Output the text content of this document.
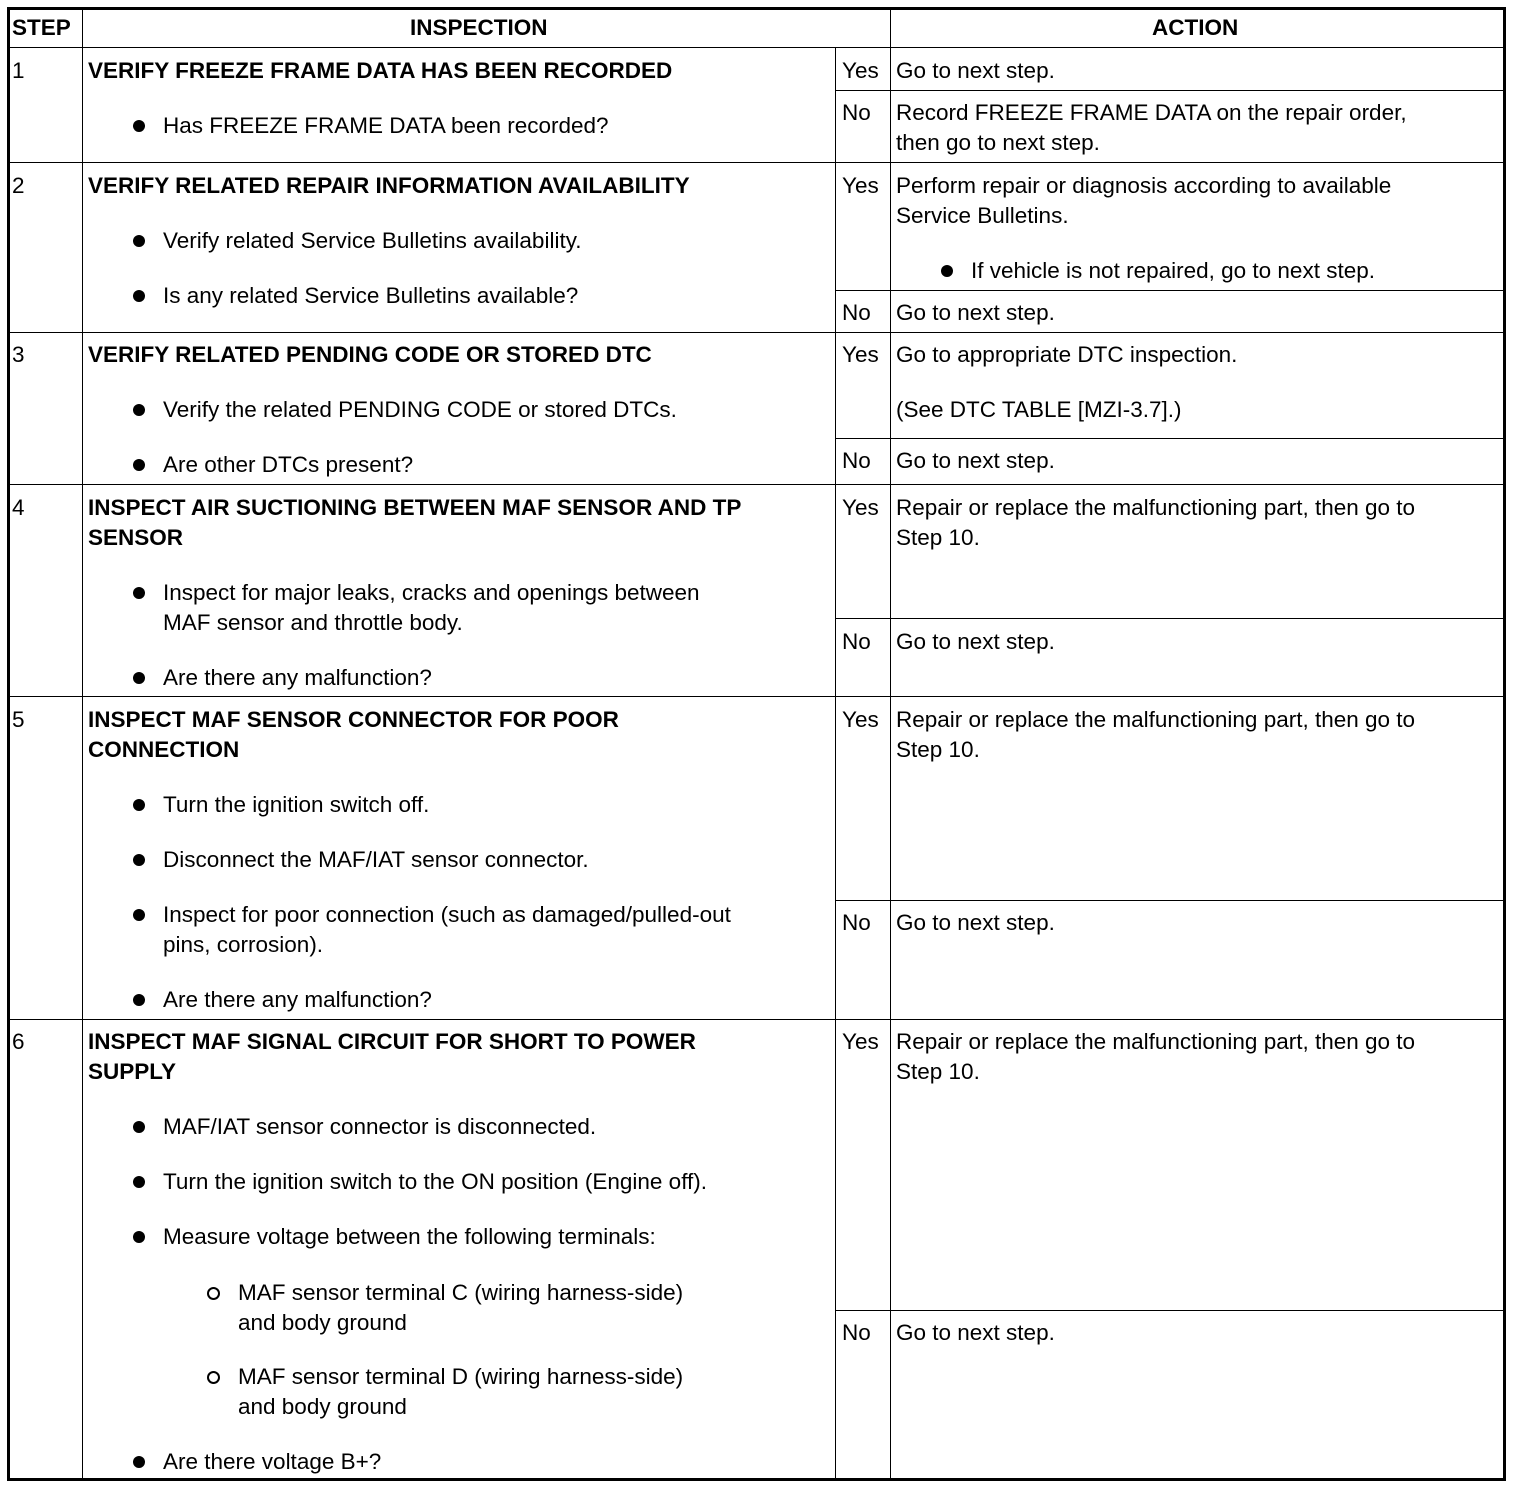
STEP	INSPECTION	ACTION
1	VERIFY FREEZE FRAME DATA HAS BEEN RECORDED
Has FREEZE FRAME DATA been recorded?
Yes Go to next step.
No Record FREEZE FRAME DATA on the repair order,
then go to next step.
2	VERIFY RELATED REPAIR INFORMATION AVAILABILITY
Verify related Service Bulletins availability.
Is any related Service Bulletins available?
Yes Perform repair or diagnosis according to available
Service Bulletins.
If vehicle is not repaired, go to next step.
No Go to next step.
3	VERIFY RELATED PENDING CODE OR STORED DTC
Verify the related PENDING CODE or stored DTCs.
Are other DTCs present?
Yes Go to appropriate DTC inspection.
(See DTC TABLE [MZI-3.7].)
No Go to next step.
4	INSPECT AIR SUCTIONING BETWEEN MAF SENSOR AND TP
SENSOR
Inspect for major leaks, cracks and openings between
MAF sensor and throttle body.
Are there any malfunction?
Yes Repair or replace the malfunctioning part, then go to
Step 10.
No Go to next step.
5	INSPECT MAF SENSOR CONNECTOR FOR POOR
CONNECTION
Turn the ignition switch off.
Disconnect the MAF/IAT sensor connector.
Inspect for poor connection (such as damaged/pulled-out
pins, corrosion).
Are there any malfunction?
Yes Repair or replace the malfunctioning part, then go to
Step 10.
No Go to next step.
6	INSPECT MAF SIGNAL CIRCUIT FOR SHORT TO POWER
SUPPLY
MAF/IAT sensor connector is disconnected.
Turn the ignition switch to the ON position (Engine off).
Measure voltage between the following terminals:
MAF sensor terminal C (wiring harness-side)
and body ground
MAF sensor terminal D (wiring harness-side)
and body ground
Are there voltage B+?
Yes Repair or replace the malfunctioning part, then go to
Step 10.
No Go to next step.
